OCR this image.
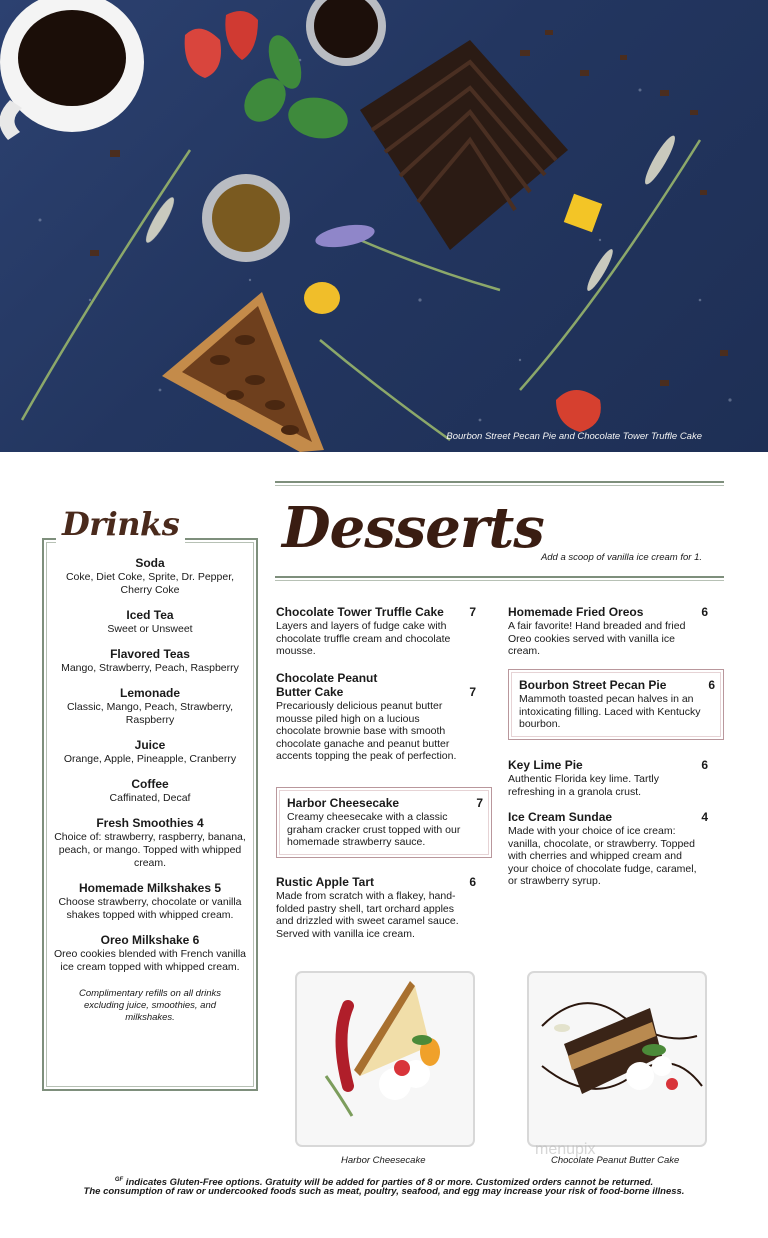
Bourbon Street Pecan Pie and Chocolate Tower Truffle Cake
Drinks
Soda
Coke, Diet Coke, Sprite, Dr. Pepper, Cherry Coke
Iced Tea
Sweet or Unsweet
Flavored Teas
Mango, Strawberry, Peach, Raspberry
Lemonade
Classic, Mango, Peach, Strawberry, Raspberry
Juice
Orange, Apple, Pineapple, Cranberry
Coffee
Caffinated, Decaf
Fresh Smoothies 4
Choice of: strawberry, raspberry, banana, peach, or mango. Topped with whipped cream.
Homemade Milkshakes 5
Choose strawberry, chocolate or vanilla shakes topped with whipped cream.
Oreo Milkshake 6
Oreo cookies blended with French vanilla ice cream topped with whipped cream.
Complimentary refills on all drinks excluding juice, smoothies, and milkshakes.
Desserts
Add a scoop of vanilla ice cream for 1.
Chocolate Tower Truffle Cake 7
Layers and layers of fudge cake with chocolate truffle cream and chocolate mousse.
Chocolate Peanut Butter Cake	7
Precariously delicious peanut butter mousse piled high on a lucious chocolate brownie base with smooth chocolate ganache and peanut butter accents topping the peak of perfection.
Harbor Cheesecake	7
Creamy cheesecake with a classic graham cracker crust topped with our homemade strawberry sauce.
Rustic Apple Tart	6
Made from scratch with a flakey, hand-folded pastry shell, tart orchard apples and drizzled with sweet caramel sauce. Served with vanilla ice cream.
Homemade Fried Oreos	6
A fair favorite! Hand breaded and fried Oreo cookies served with vanilla ice cream.
Bourbon Street Pecan Pie	6
Mammoth toasted pecan halves in an intoxicating filling. Laced with Kentucky bourbon.
Key Lime Pie	6
Authentic Florida key lime. Tartly refreshing in a granola crust.
Ice Cream Sundae	4
Made with your choice of ice cream: vanilla, chocolate, or strawberry. Topped with cherries and whipped cream and your choice of chocolate fudge, caramel, or strawberry syrup.
Harbor Cheesecake	Chocolate Peanut Butter Cake
menupix
$^{GF}$ indicates Gluten-Free options. Gratuity will be added for parties of 8 or more. Customized orders cannot be returned.
The consumption of raw or undercooked foods such as meat, poultry, seafood, and egg may increase your risk of food-borne illness.
